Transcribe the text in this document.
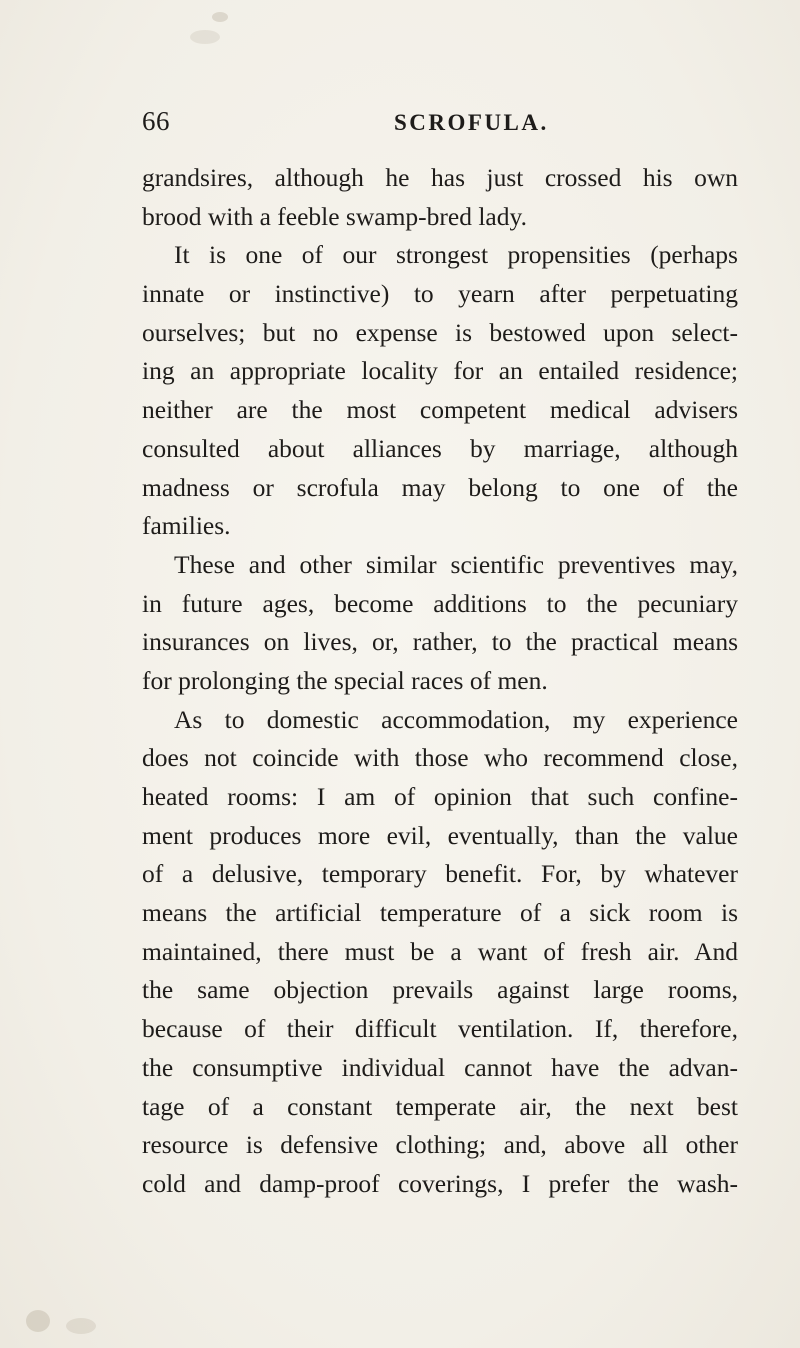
66	SCROFULA.
grandsires, although he has just crossed his own
brood with a feeble swamp-bred lady.
It is one of our strongest propensities (perhaps
innate or instinctive) to yearn after perpetuating
ourselves; but no expense is bestowed upon select-
ing an appropriate locality for an entailed residence;
neither are the most competent medical advisers
consulted about alliances by marriage, although
madness or scrofula may belong to one of the
families.
These and other similar scientific preventives may,
in future ages, become additions to the pecuniary
insurances on lives, or, rather, to the practical means
for prolonging the special races of men.
As to domestic accommodation, my experience
does not coincide with those who recommend close,
heated rooms: I am of opinion that such confine-
ment produces more evil, eventually, than the value
of a delusive, temporary benefit. For, by whatever
means the artificial temperature of a sick room is
maintained, there must be a want of fresh air. And
the same objection prevails against large rooms,
because of their difficult ventilation. If, therefore,
the consumptive individual cannot have the advan-
tage of a constant temperate air, the next best
resource is defensive clothing; and, above all other
cold and damp-proof coverings, I prefer the wash-
